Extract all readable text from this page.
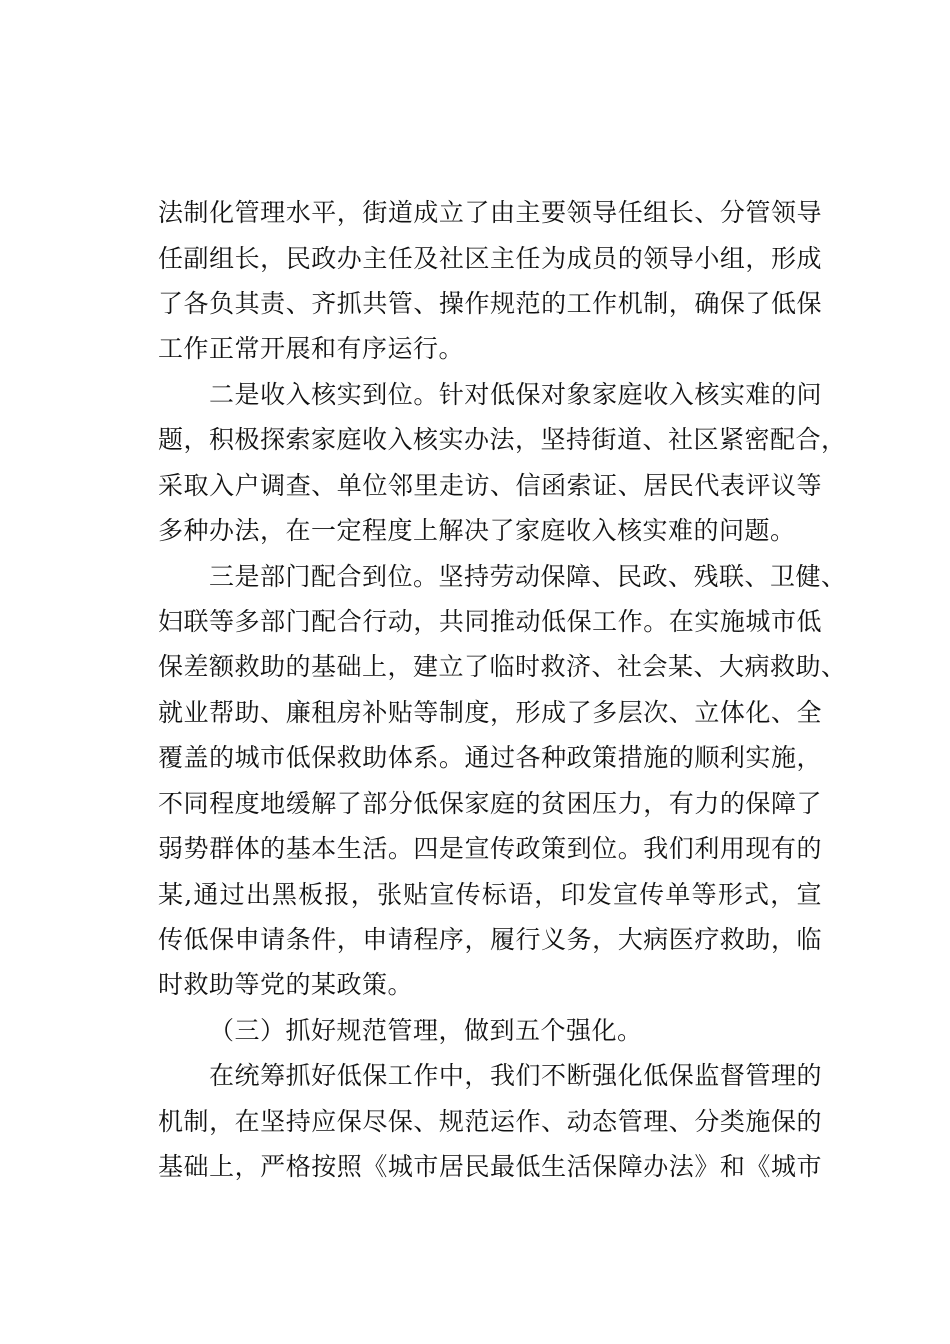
法制化管理水平，街道成立了由主要领导任组长、分管领导
任副组长，民政办主任及社区主任为成员的领导小组，形成
了各负其责、齐抓共管、操作规范的工作机制，确保了低保
工作正常开展和有序运行。
二是收入核实到位。针对低保对象家庭收入核实难的问
题，积极探索家庭收入核实办法，坚持街道、社区紧密配合，
采取入户调查、单位邻里走访、信函索证、居民代表评议等
多种办法，在一定程度上解决了家庭收入核实难的问题。
三是部门配合到位。坚持劳动保障、民政、残联、卫健、
妇联等多部门配合行动，共同推动低保工作。在实施城市低
保差额救助的基础上，建立了临时救济、社会某、大病救助、
就业帮助、廉租房补贴等制度，形成了多层次、立体化、全
覆盖的城市低保救助体系。通过各种政策措施的顺利实施，
不同程度地缓解了部分低保家庭的贫困压力，有力的保障了
弱势群体的基本生活。四是宣传政策到位。我们利用现有的
某,通过出黑板报，张贴宣传标语，印发宣传单等形式，宣
传低保申请条件，申请程序，履行义务，大病医疗救助，临
时救助等党的某政策。
（三）抓好规范管理，做到五个强化。
在统筹抓好低保工作中，我们不断强化低保监督管理的
机制，在坚持应保尽保、规范运作、动态管理、分类施保的
基础上，严格按照《城市居民最低生活保障办法》和《城市
